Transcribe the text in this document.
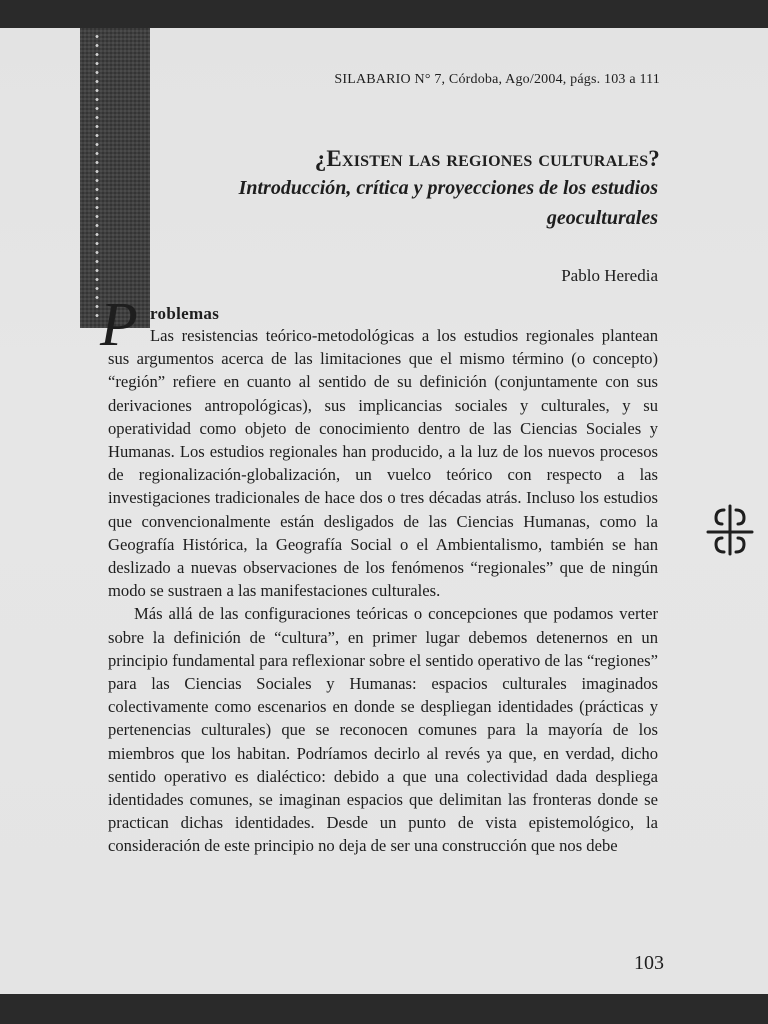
SILABARIO N° 7, Córdoba, Ago/2004, págs. 103 a 111
¿Existen las regiones culturales?
Introducción, crítica y proyecciones de los estudios geoculturales
Pablo Heredia
P roblemas

Las resistencias teórico-metodológicas a los estudios regionales plantean sus argumentos acerca de las limitaciones que el mismo término (o concepto) “región” refiere en cuanto al sentido de su definición (conjuntamente con sus derivaciones antropológicas), sus implicancias sociales y culturales, y su operatividad como objeto de conocimiento dentro de las Ciencias Sociales y Humanas. Los estudios regionales han producido, a la luz de los nuevos procesos de regionalización-globalización, un vuelco teórico con respecto a las investigaciones tradicionales de hace dos o tres décadas atrás. Incluso los estudios que convencionalmente están desligados de las Ciencias Humanas, como la Geografía Histórica, la Geografía Social o el Ambientalismo, también se han deslizado a nuevas observaciones de los fenómenos “regionales” que de ningún modo se sustraen a las manifestaciones culturales.

Más allá de las configuraciones teóricas o concepciones que podamos verter sobre la definición de “cultura”, en primer lugar debemos detenernos en un principio fundamental para reflexionar sobre el sentido operativo de las “regiones” para las Ciencias Sociales y Humanas: espacios culturales imaginados colectivamente como escenarios en donde se despliegan identidades (prácticas y pertenencias culturales) que se reconocen comunes para la mayoría de los miembros que los habitan. Podríamos decirlo al revés ya que, en verdad, dicho sentido operativo es dialéctico: debido a que una colectividad dada despliega identidades comunes, se imaginan espacios que delimitan las fronteras donde se practican dichas identidades. Desde un punto de vista epistemológico, la consideración de este principio no deja de ser una construcción que nos debe

103
